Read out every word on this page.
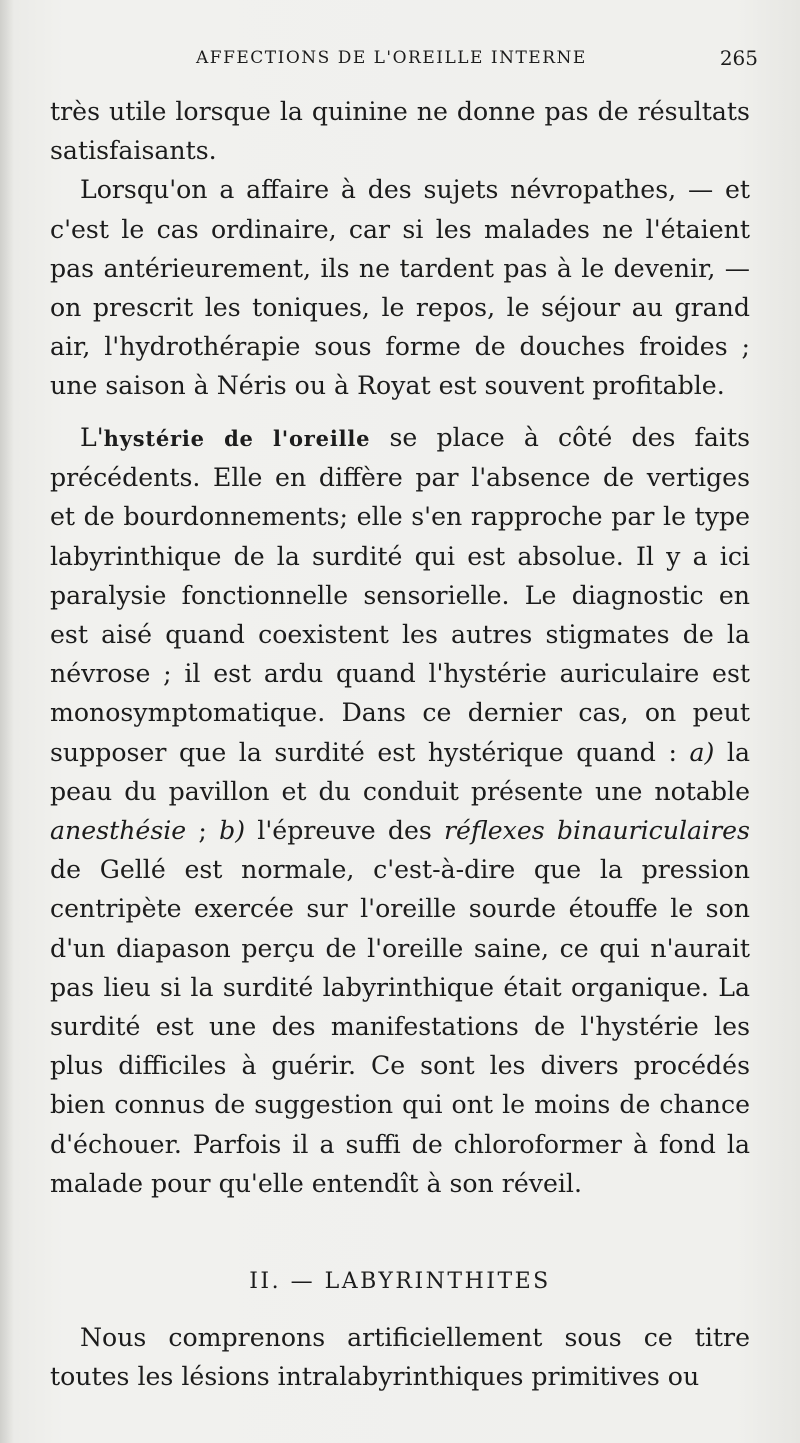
AFFECTIONS DE L'OREILLE INTERNE	265

très utile lorsque la quinine ne donne pas de résultats satisfaisants.

Lorsqu'on a affaire à des sujets névropathes, — et c'est le cas ordinaire, car si les malades ne l'étaient pas antérieurement, ils ne tardent pas à le devenir, — on prescrit les toniques, le repos, le séjour au grand air, l'hydrothérapie sous forme de douches froides ; une saison à Néris ou à Royat est souvent profitable.

L'hystérie de l'oreille se place à côté des faits précédents. Elle en diffère par l'absence de vertiges et de bourdonnements; elle s'en rapproche par le type labyrinthique de la surdité qui est absolue. Il y a ici paralysie fonctionnelle sensorielle. Le diagnostic en est aisé quand coexistent les autres stigmates de la névrose ; il est ardu quand l'hystérie auriculaire est monosymptomatique. Dans ce dernier cas, on peut supposer que la surdité est hystérique quand : a) la peau du pavillon et du conduit présente une notable anesthésie ; b) l'épreuve des réflexes binauriculaires de Gellé est normale, c'est-à-dire que la pression centripète exercée sur l'oreille sourde étouffe le son d'un diapason perçu de l'oreille saine, ce qui n'aurait pas lieu si la surdité labyrinthique était organique. La surdité est une des manifestations de l'hystérie les plus difficiles à guérir. Ce sont les divers procédés bien connus de suggestion qui ont le moins de chance d'échouer. Parfois il a suffi de chloroformer à fond la malade pour qu'elle entendît à son réveil.

II. — LABYRINTHITES

Nous comprenons artificiellement sous ce titre toutes les lésions intralabyrinthiques primitives ou
